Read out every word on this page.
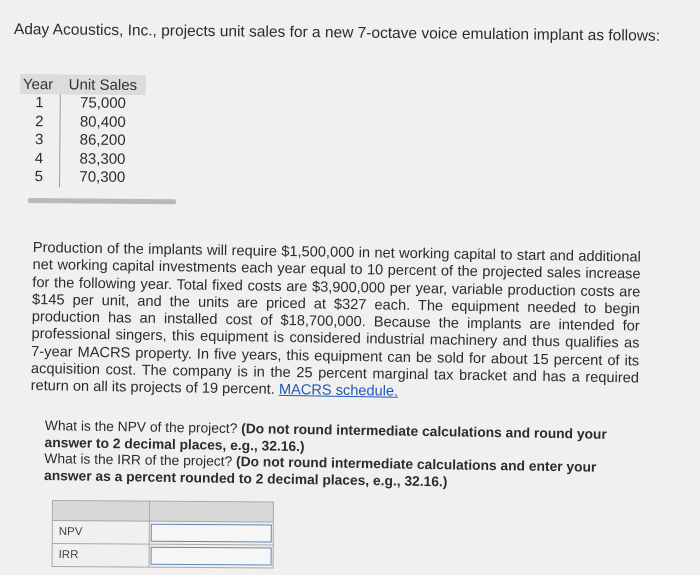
Aday Acoustics, Inc., projects unit sales for a new 7-octave voice emulation implant as follows:
Year	Unit Sales
1	75,000
2	80,400
3	86,200
4	83,300
5	70,300
Production of the implants will require $1,500,000 in net working capital to start and additional net working capital investments each year equal to 10 percent of the projected sales increase for the following year. Total fixed costs are $3,900,000 per year, variable production costs are $145 per unit, and the units are priced at $327 each. The equipment needed to begin production has an installed cost of $18,700,000. Because the implants are intended for professional singers, this equipment is considered industrial machinery and thus qualifies as 7-year MACRS property. In five years, this equipment can be sold for about 15 percent of its acquisition cost. The company is in the 25 percent marginal tax bracket and has a required return on all its projects of 19 percent. MACRS schedule.
What is the NPV of the project? (Do not round intermediate calculations and round your answer to 2 decimal places, e.g., 32.16.)
What is the IRR of the project? (Do not round intermediate calculations and enter your answer as a percent rounded to 2 decimal places, e.g., 32.16.)

NPV	
IRR	
